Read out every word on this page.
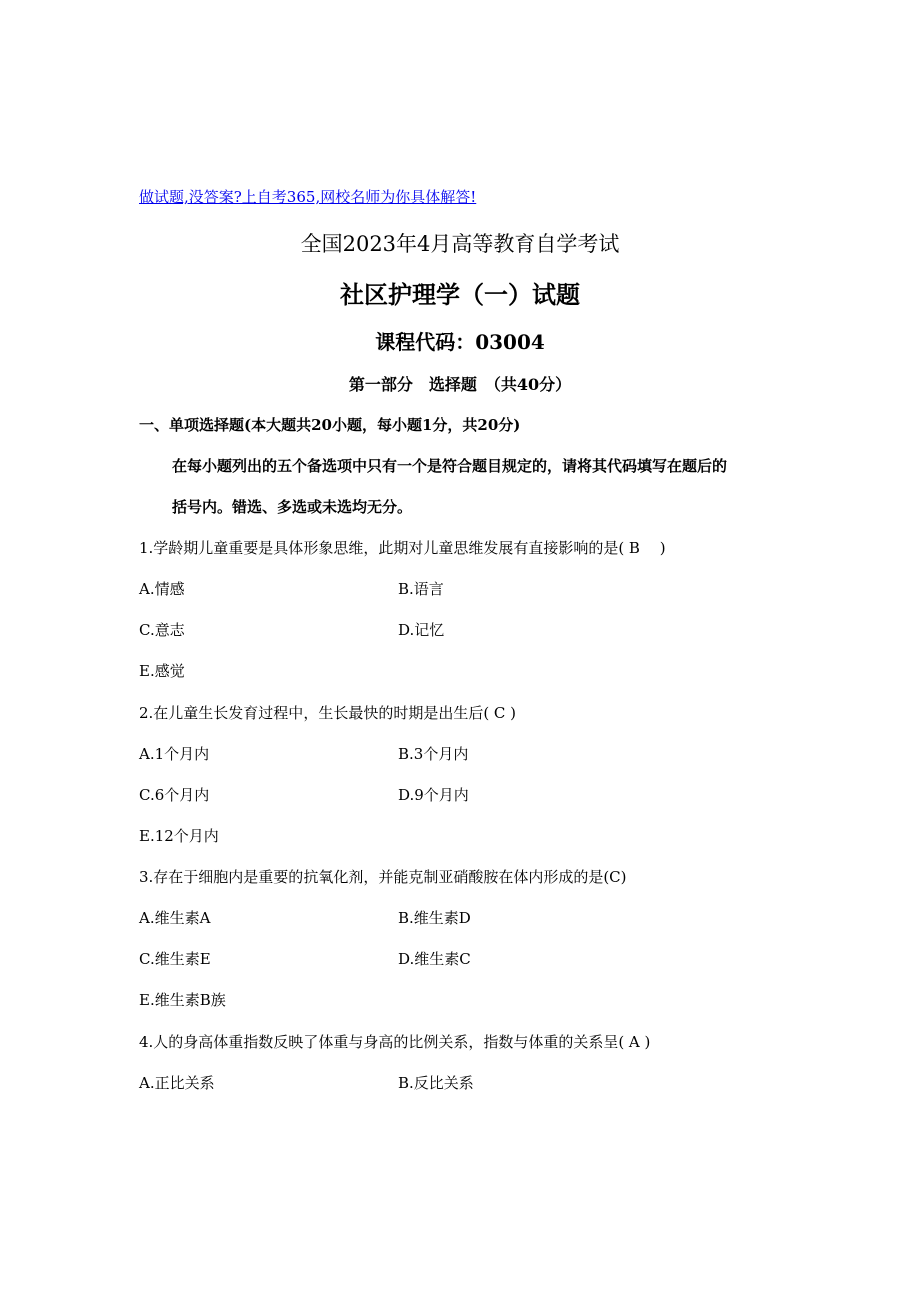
做试题,没答案?上自考365,网校名师为你具体解答!
全国2023年4月高等教育自学考试
社区护理学（一）试题
课程代码：03004
第一部分　选择题　（共40分）
一、单项选择题(本大题共20小题，每小题1分，共20分)
在每小题列出的五个备选项中只有一个是符合题目规定的，请将其代码填写在题后的
括号内。错选、多选或未选均无分。
1.学龄期儿童重要是具体形象思维，此期对儿童思维发展有直接影响的是( B　 )
A.情感	B.语言
C.意志	D.记忆
E.感觉
2.在儿童生长发育过程中，生长最快的时期是出生后( C )
A.1个月内	B.3个月内
C.6个月内	D.9个月内
E.12个月内
3.存在于细胞内是重要的抗氧化剂，并能克制亚硝酸胺在体内形成的是(C)
A.维生素A	B.维生素D
C.维生素E	D.维生素C
E.维生素B族
4.人的身高体重指数反映了体重与身高的比例关系，指数与体重的关系呈( A )
A.正比关系	B.反比关系
